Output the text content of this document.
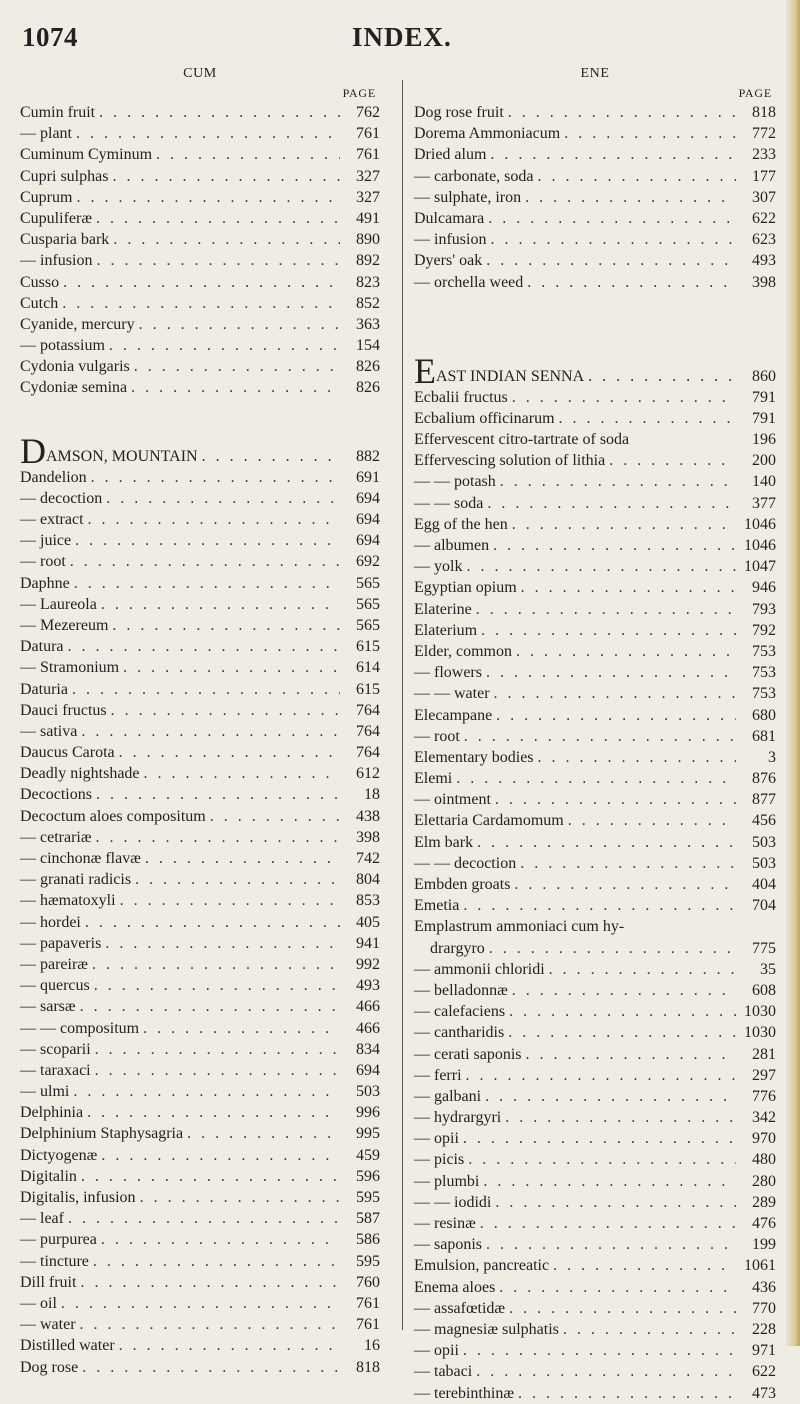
1074	INDEX.
CUM
PAGE
Cumin fruit . . .	762
— plant . . .	761
Cuminum Cyminum . . .	761
Cupri sulphas . . .	327
Cuprum . . .	327
Cupuliferæ . . .	491
Cusparia bark . . .	890
— infusion . . .	892
Cusso . . .	823
Cutch . . .	852
Cyanide, mercury . . .	363
— potassium . . .	154
Cydonia vulgaris . . .	826
Cydoniæ semina . . .	826
DAMSON, MOUNTAIN . . .	882
Dandelion . . .	691
— decoction . . .	694
— extract . . .	694
— juice . . .	694
— root . . .	692
Daphne . . .	565
— Laureola . . .	565
— Mezereum . . .	565
Datura . . .	615
— Stramonium . . .	614
Daturia . . .	615
Dauci fructus . . .	764
— sativa . . .	764
Daucus Carota . . .	764
Deadly nightshade . . .	612
Decoctions . . .	18
Decoctum aloes compositum . . .	438
— cetrariæ . . .	398
— cinchonæ flavæ . . .	742
— granati radicis . . .	804
— hæmatoxyli . . .	853
— hordei . . .	405
— papaveris . . .	941
— pareiræ . . .	992
— quercus . . .	493
— sarsæ . . .	466
— — compositum . . .	466
— scoparii . . .	834
— taraxaci . . .	694
— ulmi . . .	503
Delphinia . . .	996
Delphinium Staphysagria . . .	995
Dictyogenæ . . .	459
Digitalin . . .	596
Digitalis, infusion . . .	595
— leaf . . .	587
— purpurea . . .	586
— tincture . . .	595
Dill fruit . . .	760
— oil . . .	761
— water . . .	761
Distilled water . . .	16
Dog rose . . .	818
ENE
PAGE
Dog rose fruit . . .	818
Dorema Ammoniacum . . .	772
Dried alum . . .	233
— carbonate, soda . . .	177
— sulphate, iron . . .	307
Dulcamara . . .	622
— infusion . . .	623
Dyers' oak . . .	493
— orchella weed . . .	398
EAST INDIAN SENNA . . .	860
Ecbalii fructus . . .	791
Ecbalium officinarum . . .	791
Effervescent citro-tartrate of soda	196
Effervescing solution of lithia . . .	200
— — potash . . .	140
— — soda . . .	377
Egg of the hen . . .	1046
— albumen . . .	1046
— yolk . . .	1047
Egyptian opium . . .	946
Elaterine . . .	793
Elaterium . . .	792
Elder, common . . .	753
— flowers . . .	753
— — water . . .	753
Elecampane . . .	680
— root . . .	681
Elementary bodies . . .	3
Elemi . . .	876
— ointment . . .	877
Elettaria Cardamomum . . .	456
Elm bark . . .	503
— — decoction . . .	503
Embden groats . . .	404
Emetia . . .	704
Emplastrum ammoniaci cum hy-
drargyro . . .	775
— ammonii chloridi . . .	35
— belladonnæ . . .	608
— calefaciens . . .	1030
— cantharidis . . .	1030
— cerati saponis . . .	281
— ferri . . .	297
— galbani . . .	776
— hydrargyri . . .	342
— opii . . .	970
— picis . . .	480
— plumbi . . .	280
— — iodidi . . .	289
— resinæ . . .	476
— saponis . . .	199
Emulsion, pancreatic . . .	1061
Enema aloes . . .	436
— assafœtidæ . . .	770
— magnesiæ sulphatis . . .	228
— opii . . .	971
— tabaci . . .	622
— terebinthinæ . . .	473
